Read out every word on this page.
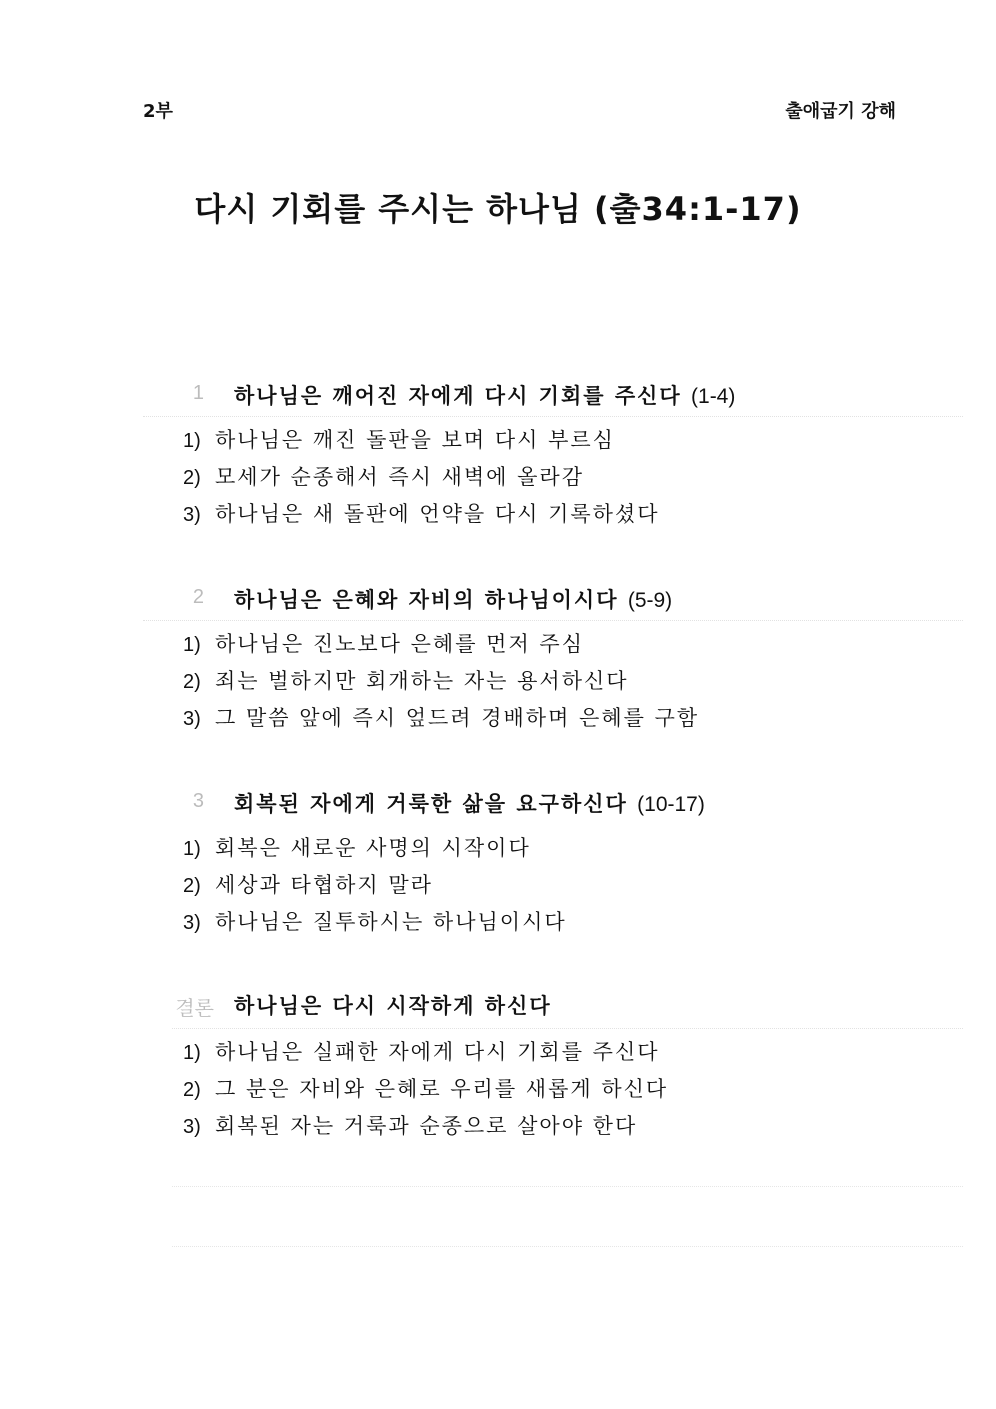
2부	출애굽기 강해
다시 기회를 주시는 하나님 (출34:1-17)
1 하나님은 깨어진 자에게 다시 기회를 주신다 (1-4)
1) 하나님은 깨진 돌판을 보며 다시 부르심
2) 모세가 순종해서 즉시 새벽에 올라감
3) 하나님은 새 돌판에 언약을 다시 기록하셨다
2 하나님은 은혜와 자비의 하나님이시다 (5-9)
1) 하나님은 진노보다 은혜를 먼저 주심
2) 죄는 벌하지만 회개하는 자는 용서하신다
3) 그 말씀 앞에 즉시 엎드려 경배하며 은혜를 구함
3 회복된 자에게 거룩한 삶을 요구하신다 (10-17)
1) 회복은 새로운 사명의 시작이다
2) 세상과 타협하지 말라
3) 하나님은 질투하시는 하나님이시다
결론 하나님은 다시 시작하게 하신다
1) 하나님은 실패한 자에게 다시 기회를 주신다
2) 그 분은 자비와 은혜로 우리를 새롭게 하신다
3) 회복된 자는 거룩과 순종으로 살아야 한다
